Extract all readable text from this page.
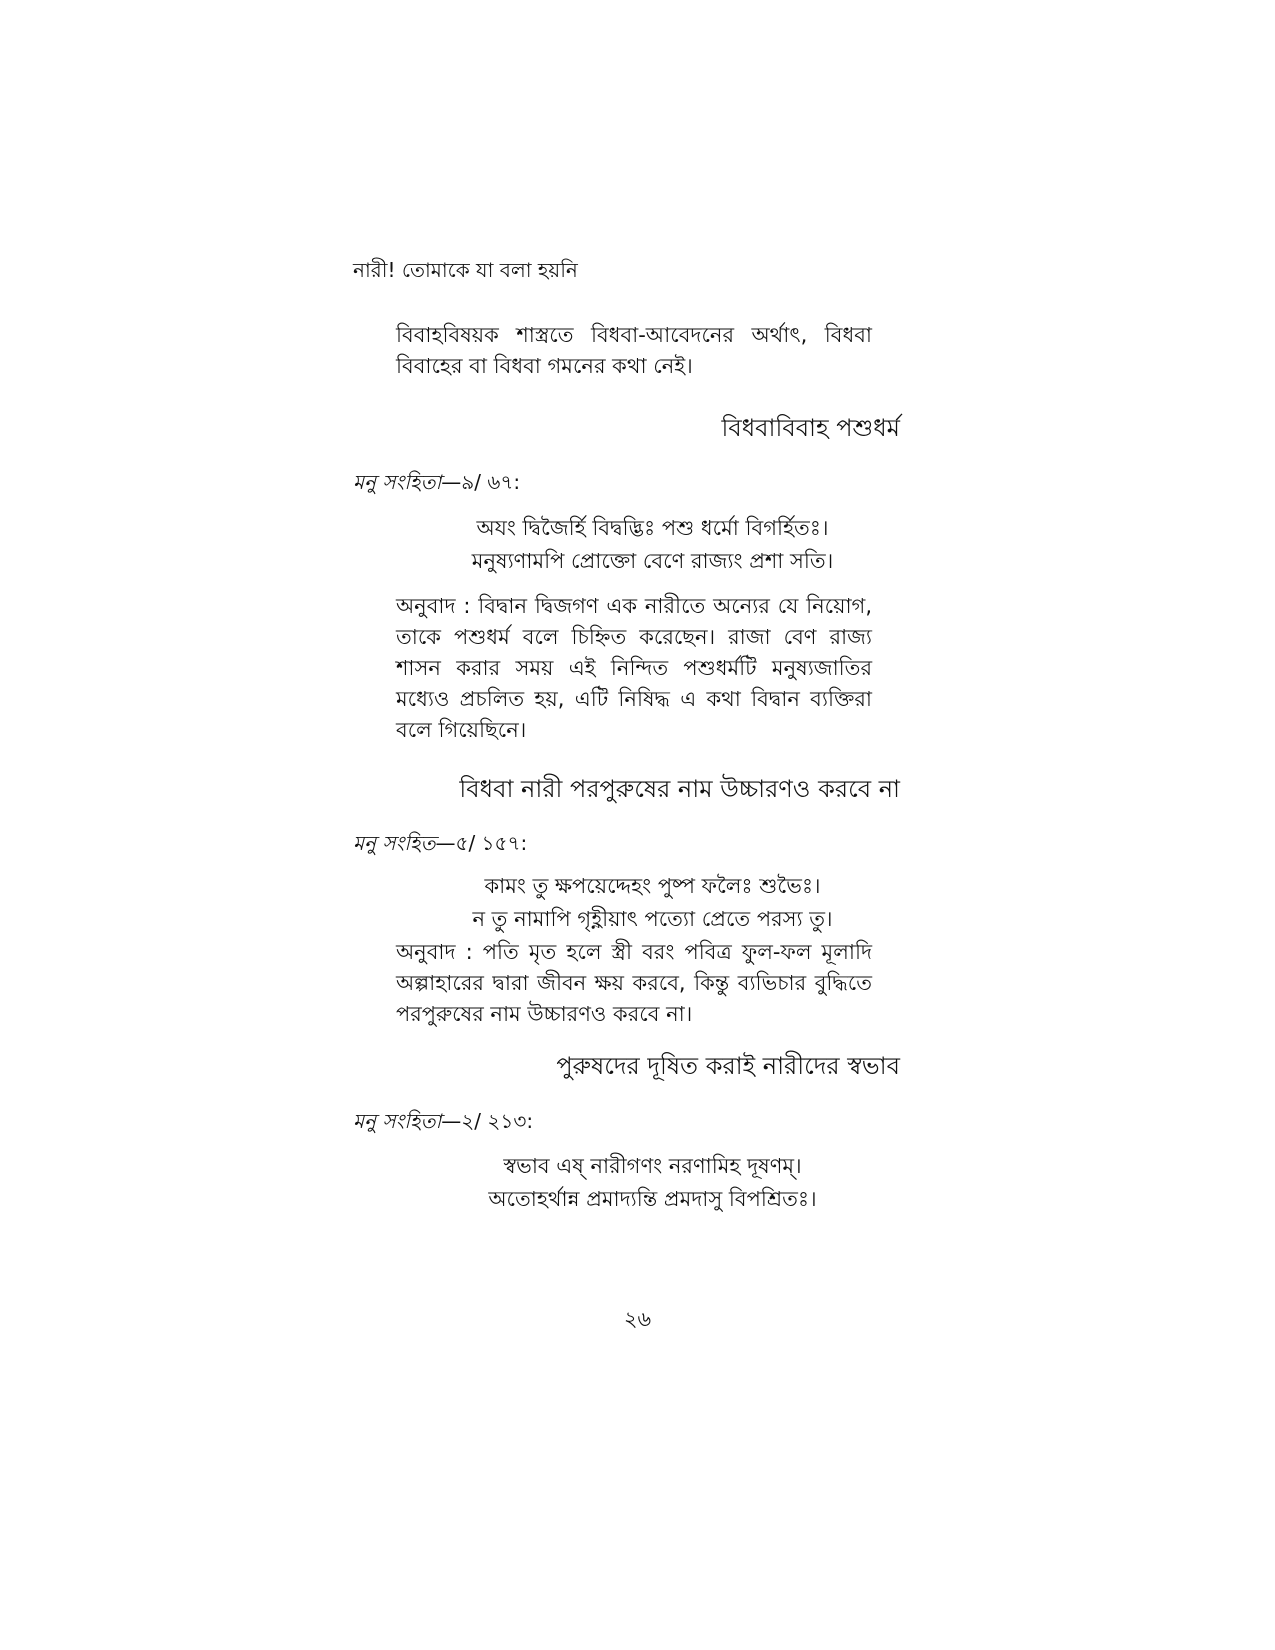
নারী! তোমাকে যা বলা হয়নি
বিবাহবিষয়ক শাস্ত্রতে বিধবা-আবেদনের অর্থাৎ, বিধবা
বিবাহের বা বিধবা গমনের কথা নেই।
বিধবাবিবাহ পশুধর্ম
মনু সংহিতা—৯/ ৬৭:
অযং দ্বিজৈর্হি বিদ্বদ্ভিঃ পশু ধর্মো বিগর্হিতঃ।
মনুষ্যণামপি প্রোক্তো বেণে রাজ্যং প্রশা সতি।
অনুবাদ : বিদ্বান দ্বিজগণ এক নারীতে অন্যের যে নিয়োগ,
তাকে পশুধর্ম বলে চিহ্নিত করেছেন। রাজা বেণ রাজ্য
শাসন করার সময় এই নিন্দিত পশুধর্মটি মনুষ্যজাতির
মধ্যেও প্রচলিত হয়, এটি নিষিদ্ধ এ কথা বিদ্বান ব্যক্তিরা
বলে গিয়েছিনে।
বিধবা নারী পরপুরুষের নাম উচ্চারণও করবে না
মনু সংহিত—৫/ ১৫৭:
কামং তু ক্ষপয়েদ্দেহং পুষ্প ফলৈঃ শুভৈঃ।
ন তু নামাপি গৃহ্ণীয়াৎ পত্যো প্রেতে পরস্য তু।
অনুবাদ : পতি মৃত হলে স্ত্রী বরং পবিত্র ফুল-ফল মূলাদি
অল্পাহারের দ্বারা জীবন ক্ষয় করবে, কিন্তু ব্যভিচার বুদ্ধিতে
পরপুরুষের নাম উচ্চারণও করবে না।
পুরুষদের দূষিত করাই নারীদের স্বভাব
মনু সংহিতা—২/ ২১৩:
স্বভাব এষ্ নারীগণং নরণামিহ দূষণম্।
অতোহর্থান্ন প্রমাদ্যন্তি প্রমদাসু বিপশ্রিতঃ।
২৬
